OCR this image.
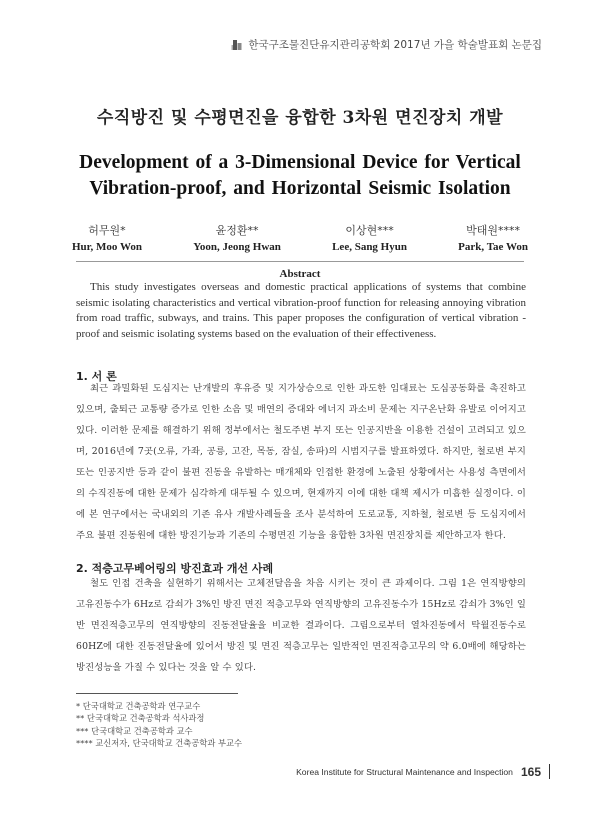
한국구조물진단유지관리공학회 2017년 가을 학술발표회 논문집
수직방진 및 수평면진을 융합한 3차원 면진장치 개발
Development of a 3-Dimensional Device for Vertical
Vibration-proof, and Horizontal Seismic Isolation
허무원*
Hur, Moo Won
윤정환**
Yoon, Jeong Hwan
이상현***
Lee, Sang Hyun
박태원****
Park, Tae Won
Abstract
This study investigates overseas and domestic practical applications of systems that combine seismic isolating characteristics and vertical vibration-proof function for releasing annoying vibration from road traffic, subways, and trains. This paper proposes the configuration of vertical vibration -proof and seismic isolating systems based on the evaluation of their effectiveness.
1. 서 론
최근 과밀화된 도심지는 난개발의 후유증 및 지가상승으로 인한 과도한 임대료는 도심공동화를 촉진하고 있으며, 출퇴근 교통량 증가로 인한 소음 및 매연의 증대와 에너지 과소비 문제는 지구온난화 유발로 이어지고 있다. 이러한 문제를 해결하기 위해 정부에서는 철도주변 부지 또는 인공지반을 이용한 건설이 고려되고 있으며, 2016년에 7곳(오류, 가좌, 공릉, 고잔, 목동, 잠실, 송파)의 시범지구를 발표하였다. 하지만, 철로변 부지 또는 인공지반 등과 같이 불편 진동을 유발하는 매개체와 인접한 환경에 노출된 상황에서는 사용성 측면에서의 수직진동에 대한 문제가 심각하게 대두될 수 있으며, 현재까지 이에 대한 대책 제시가 미흡한 실정이다. 이에 본 연구에서는 국내외의 기존 유사 개발사례들을 조사 분석하여 도로교통, 지하철, 철로변 등 도심지에서 주요 불편 진동원에 대한 방진기능과 기존의 수평면진 기능을 융합한 3차원 면진장치를 제안하고자 한다.
2. 적층고무베어링의 방진효과 개선 사례
철도 인접 건축을 실현하기 위해서는 고체전달음을 차음 시키는 것이 큰 과제이다. 그림 1은 연직방향의 고유진동수가 6Hz로 감쇠가 3%인 방진 면진 적층고무와 연직방향의 고유진동수가 15Hz로 감쇠가 3%인 일반 면진적층고무의 연직방향의 진동전달율을 비교한 결과이다. 그림으로부터 열차진동에서 탁월진동수로 60HZ에 대한 진동전달율에 있어서 방진 및 면진 적층고무는 일반적인 면진적층고무의 약 6.0배에 해당하는 방진성능을 가질 수 있다는 것을 알 수 있다.
* 단국대학교 건축공학과 연구교수
** 단국대학교 건축공학과 석사과정
*** 단국대학교 건축공학과 교수
**** 교신저자, 단국대학교 건축공학과 부교수
Korea Institute for Structural Maintenance and Inspection 165
